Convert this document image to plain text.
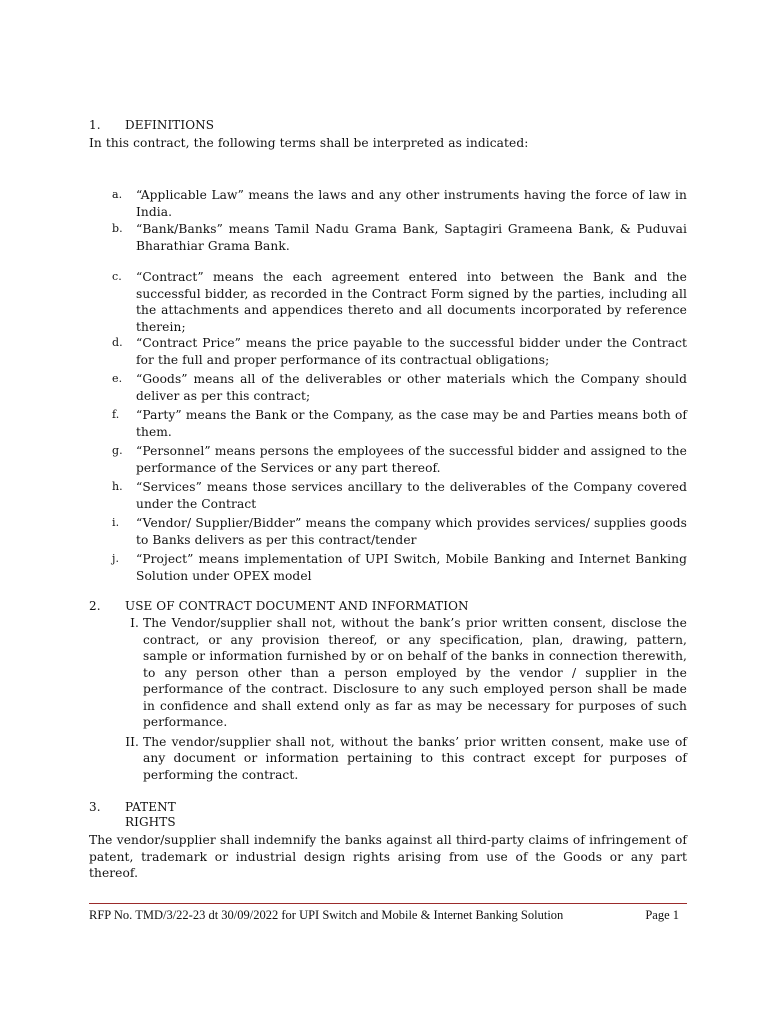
1. DEFINITIONS
In this contract, the following terms shall be interpreted as indicated:
a. “Applicable Law” means the laws and any other instruments having the force of law in India.
b. “Bank/Banks” means Tamil Nadu Grama Bank, Saptagiri Grameena Bank, & Puduvai Bharathiar Grama Bank.
c. “Contract” means the each agreement entered into between the Bank and the successful bidder, as recorded in the Contract Form signed by the parties, including all the attachments and appendices thereto and all documents incorporated by reference therein;
d. “Contract Price” means the price payable to the successful bidder under the Contract for the full and proper performance of its contractual obligations;
e. “Goods” means all of the deliverables or other materials which the Company should deliver as per this contract;
f. “Party” means the Bank or the Company, as the case may be and Parties means both of them.
g. “Personnel” means persons the employees of the successful bidder and assigned to the performance of the Services or any part thereof.
h. “Services” means those services ancillary to the deliverables of the Company covered under the Contract
i. “Vendor/ Supplier/Bidder” means the company which provides services/ supplies goods to Banks delivers as per this contract/tender
j. “Project” means implementation of UPI Switch, Mobile Banking and Internet Banking Solution under OPEX model
2. USE OF CONTRACT DOCUMENT AND INFORMATION
I. The Vendor/supplier shall not, without the bank’s prior written consent, disclose the contract, or any provision thereof, or any specification, plan, drawing, pattern, sample or information furnished by or on behalf of the banks in connection therewith, to any person other than a person employed by the vendor / supplier in the performance of the contract. Disclosure to any such employed person shall be made in confidence and shall extend only as far as may be necessary for purposes of such performance.
II. The vendor/supplier shall not, without the banks’ prior written consent, make use of any document or information pertaining to this contract except for purposes of performing the contract.
3. PATENT
RIGHTS
The vendor/supplier shall indemnify the banks against all third-party claims of infringement of patent, trademark or industrial design rights arising from use of the Goods or any part thereof.
RFP No. TMD/3/22-23 dt 30/09/2022 for UPI Switch and Mobile & Internet Banking Solution	Page 1
